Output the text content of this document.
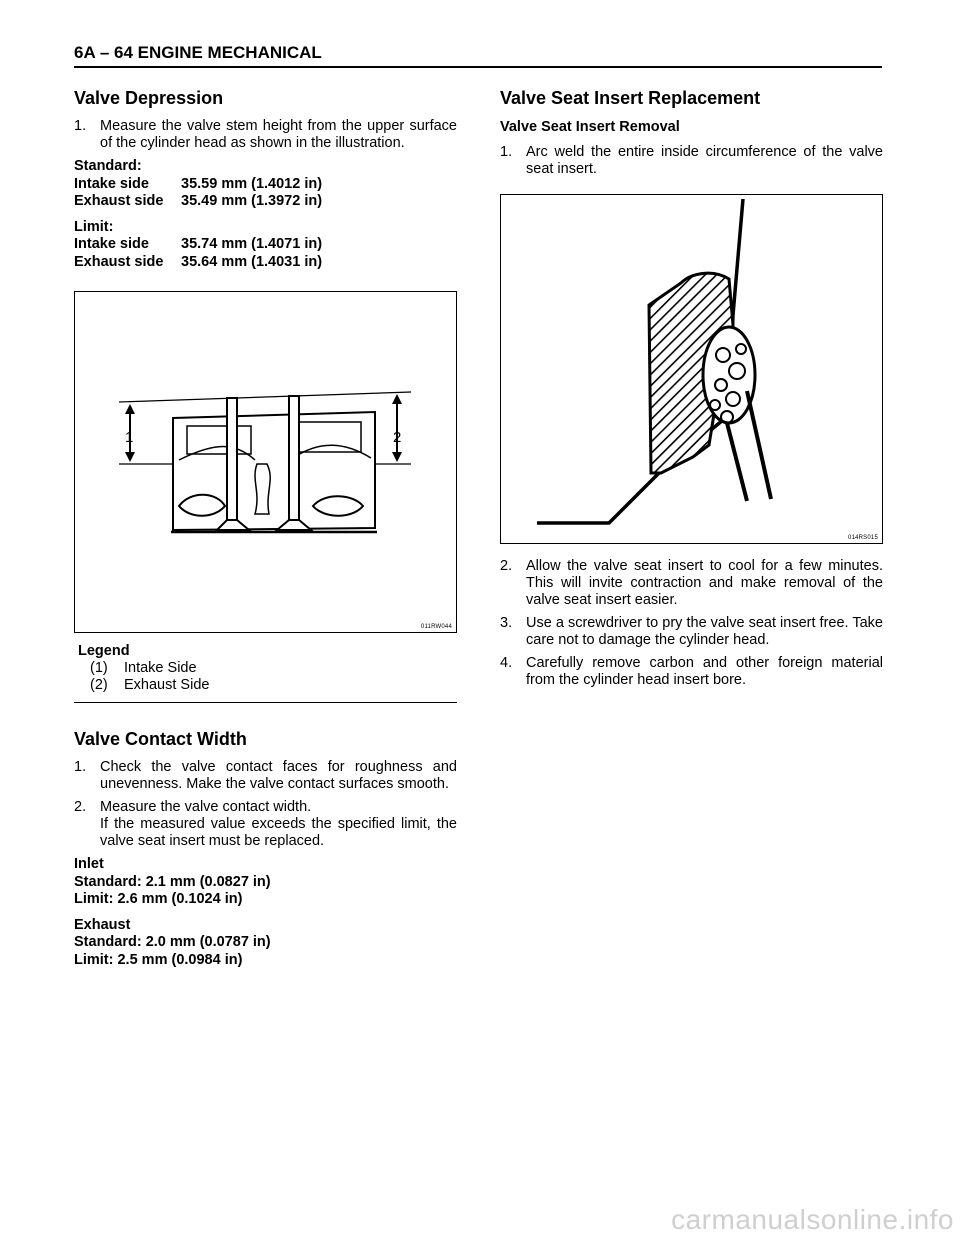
6A – 64 ENGINE MECHANICAL
Valve Depression
1. Measure the valve stem height from the upper surface of the cylinder head as shown in the illustration.
Standard:
Intake side 35.59 mm (1.4012 in)
Exhaust side 35.49 mm (1.3972 in)
Limit:
Intake side 35.74 mm (1.4071 in)
Exhaust side 35.64 mm (1.4031 in)
1	2
011RW044
Legend
(1) Intake Side
(2) Exhaust Side
Valve Contact Width
1. Check the valve contact faces for roughness and unevenness. Make the valve contact surfaces smooth.
2. Measure the valve contact width.
If the measured value exceeds the specified limit, the valve seat insert must be replaced.
Inlet
Standard: 2.1 mm (0.0827 in)
Limit: 2.6 mm (0.1024 in)
Exhaust
Standard: 2.0 mm (0.0787 in)
Limit: 2.5 mm (0.0984 in)
Valve Seat Insert Replacement
Valve Seat Insert Removal
1. Arc weld the entire inside circumference of the valve seat insert.
014RS015
2. Allow the valve seat insert to cool for a few minutes. This will invite contraction and make removal of the valve seat insert easier.
3. Use a screwdriver to pry the valve seat insert free. Take care not to damage the cylinder head.
4. Carefully remove carbon and other foreign material from the cylinder head insert bore.
carmanualsonline.info
